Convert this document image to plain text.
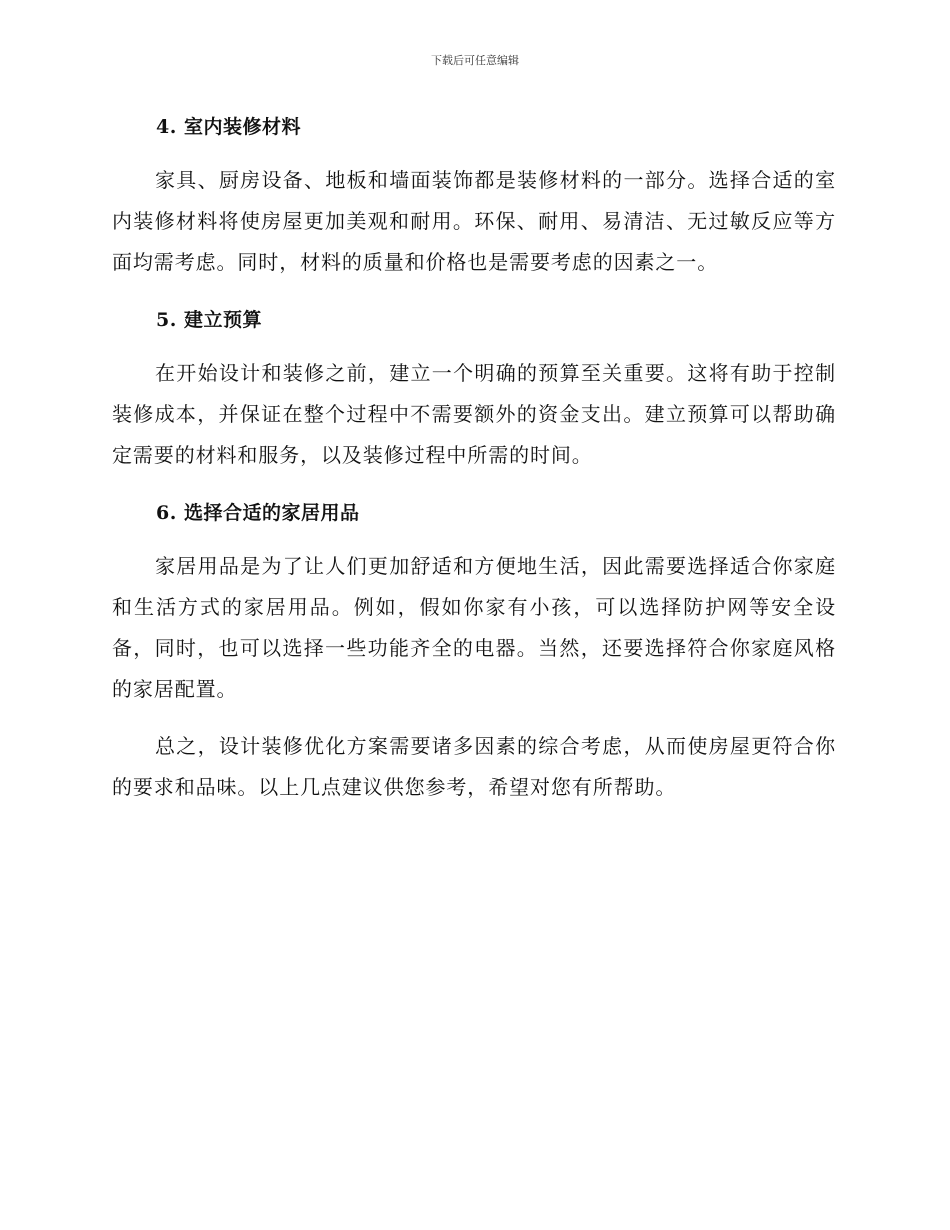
下载后可任意编辑
4. 室内装修材料

家具、厨房设备、地板和墙面装饰都是装修材料的一部分。选择合适的室内装修材料将使房屋更加美观和耐用。环保、耐用、易清洁、无过敏反应等方面均需考虑。同时，材料的质量和价格也是需要考虑的因素之一。

5. 建立预算

在开始设计和装修之前，建立一个明确的预算至关重要。这将有助于控制装修成本，并保证在整个过程中不需要额外的资金支出。建立预算可以帮助确定需要的材料和服务，以及装修过程中所需的时间。

6. 选择合适的家居用品

家居用品是为了让人们更加舒适和方便地生活，因此需要选择适合你家庭和生活方式的家居用品。例如，假如你家有小孩，可以选择防护网等安全设备，同时，也可以选择一些功能齐全的电器。当然，还要选择符合你家庭风格的家居配置。

总之，设计装修优化方案需要诸多因素的综合考虑，从而使房屋更符合你的要求和品味。以上几点建议供您参考，希望对您有所帮助。
